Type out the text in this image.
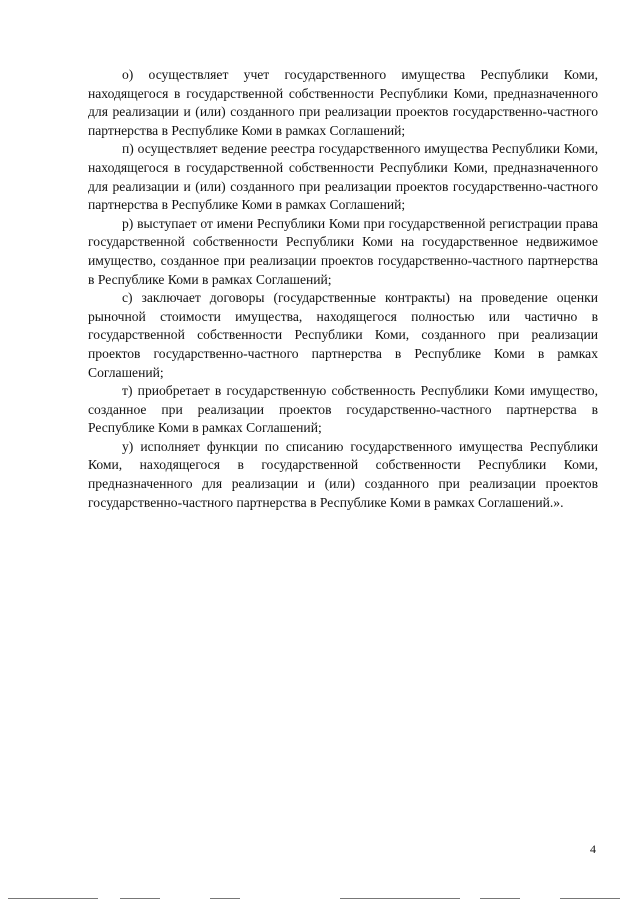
о) осуществляет учет государственного имущества Республики Коми, находящегося в государственной собственности Республики Коми, предназначенного для реализации и (или) созданного при реализации проектов государственно-частного партнерства в Республике Коми в рамках Соглашений;

п) осуществляет ведение реестра государственного имущества Республики Коми, находящегося в государственной собственности Республики Коми, предназначенного для реализации и (или) созданного при реализации проектов государственно-частного партнерства в Республике Коми в рамках Соглашений;

р) выступает от имени Республики Коми при государственной регистрации права государственной собственности Республики Коми на государственное недвижимое имущество, созданное при реализации проектов государственно-частного партнерства в Республике Коми в рамках Соглашений;

с) заключает договоры (государственные контракты) на проведение оценки рыночной стоимости имущества, находящегося полностью или частично в государственной собственности Республики Коми, созданного при реализации проектов государственно-частного партнерства в Республике Коми в рамках Соглашений;

т) приобретает в государственную собственность Республики Коми имущество, созданное при реализации проектов государственно-частного партнерства в Республике Коми в рамках Соглашений;

у) исполняет функции по списанию государственного имущества Республики Коми, находящегося в государственной собственности Республики Коми, предназначенного для реализации и (или) созданного при реализации проектов государственно-частного партнерства в Республике Коми в рамках Соглашений.».

4
